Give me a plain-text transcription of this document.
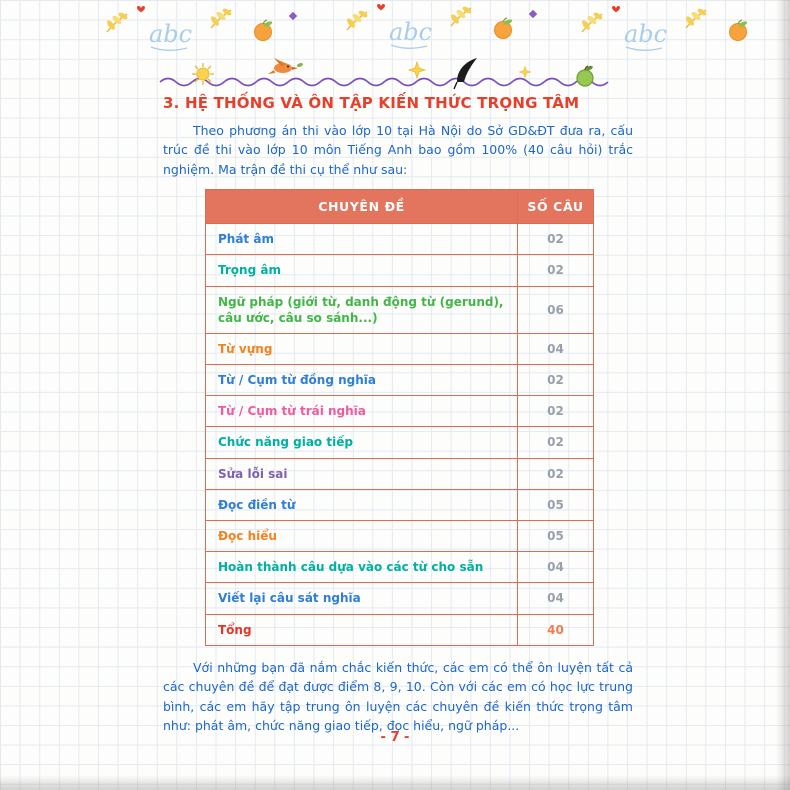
abc	abc	abc
3. HỆ THỐNG VÀ ÔN TẬP KIẾN THỨC TRỌNG TÂM

Theo phương án thi vào lớp 10 tại Hà Nội do Sở GD&ĐT đưa ra, cấu trúc đề thi vào lớp 10 môn Tiếng Anh bao gồm 100% (40 câu hỏi) trắc nghiệm. Ma trận đề thi cụ thể như sau:

CHUYÊN ĐỀ	SỐ CÂU
Phát âm	02
Trọng âm	02
Ngữ pháp (giới từ, danh động từ (gerund), câu ước, câu so sánh...)	06
Từ vựng	04
Từ / Cụm từ đồng nghĩa	02
Từ / Cụm từ trái nghĩa	02
Chức năng giao tiếp	02
Sửa lỗi sai	02
Đọc điền từ	05
Đọc hiểu	05
Hoàn thành câu dựa vào các từ cho sẵn	04
Viết lại câu sát nghĩa	04
Tổng	40

Với những bạn đã nắm chắc kiến thức, các em có thể ôn luyện tất cả các chuyên đề để đạt được điểm 8, 9, 10. Còn với các em có học lực trung bình, các em hãy tập trung ôn luyện các chuyên đề kiến thức trọng tâm như: phát âm, chức năng giao tiếp, đọc hiểu, ngữ pháp...

- 7 -
